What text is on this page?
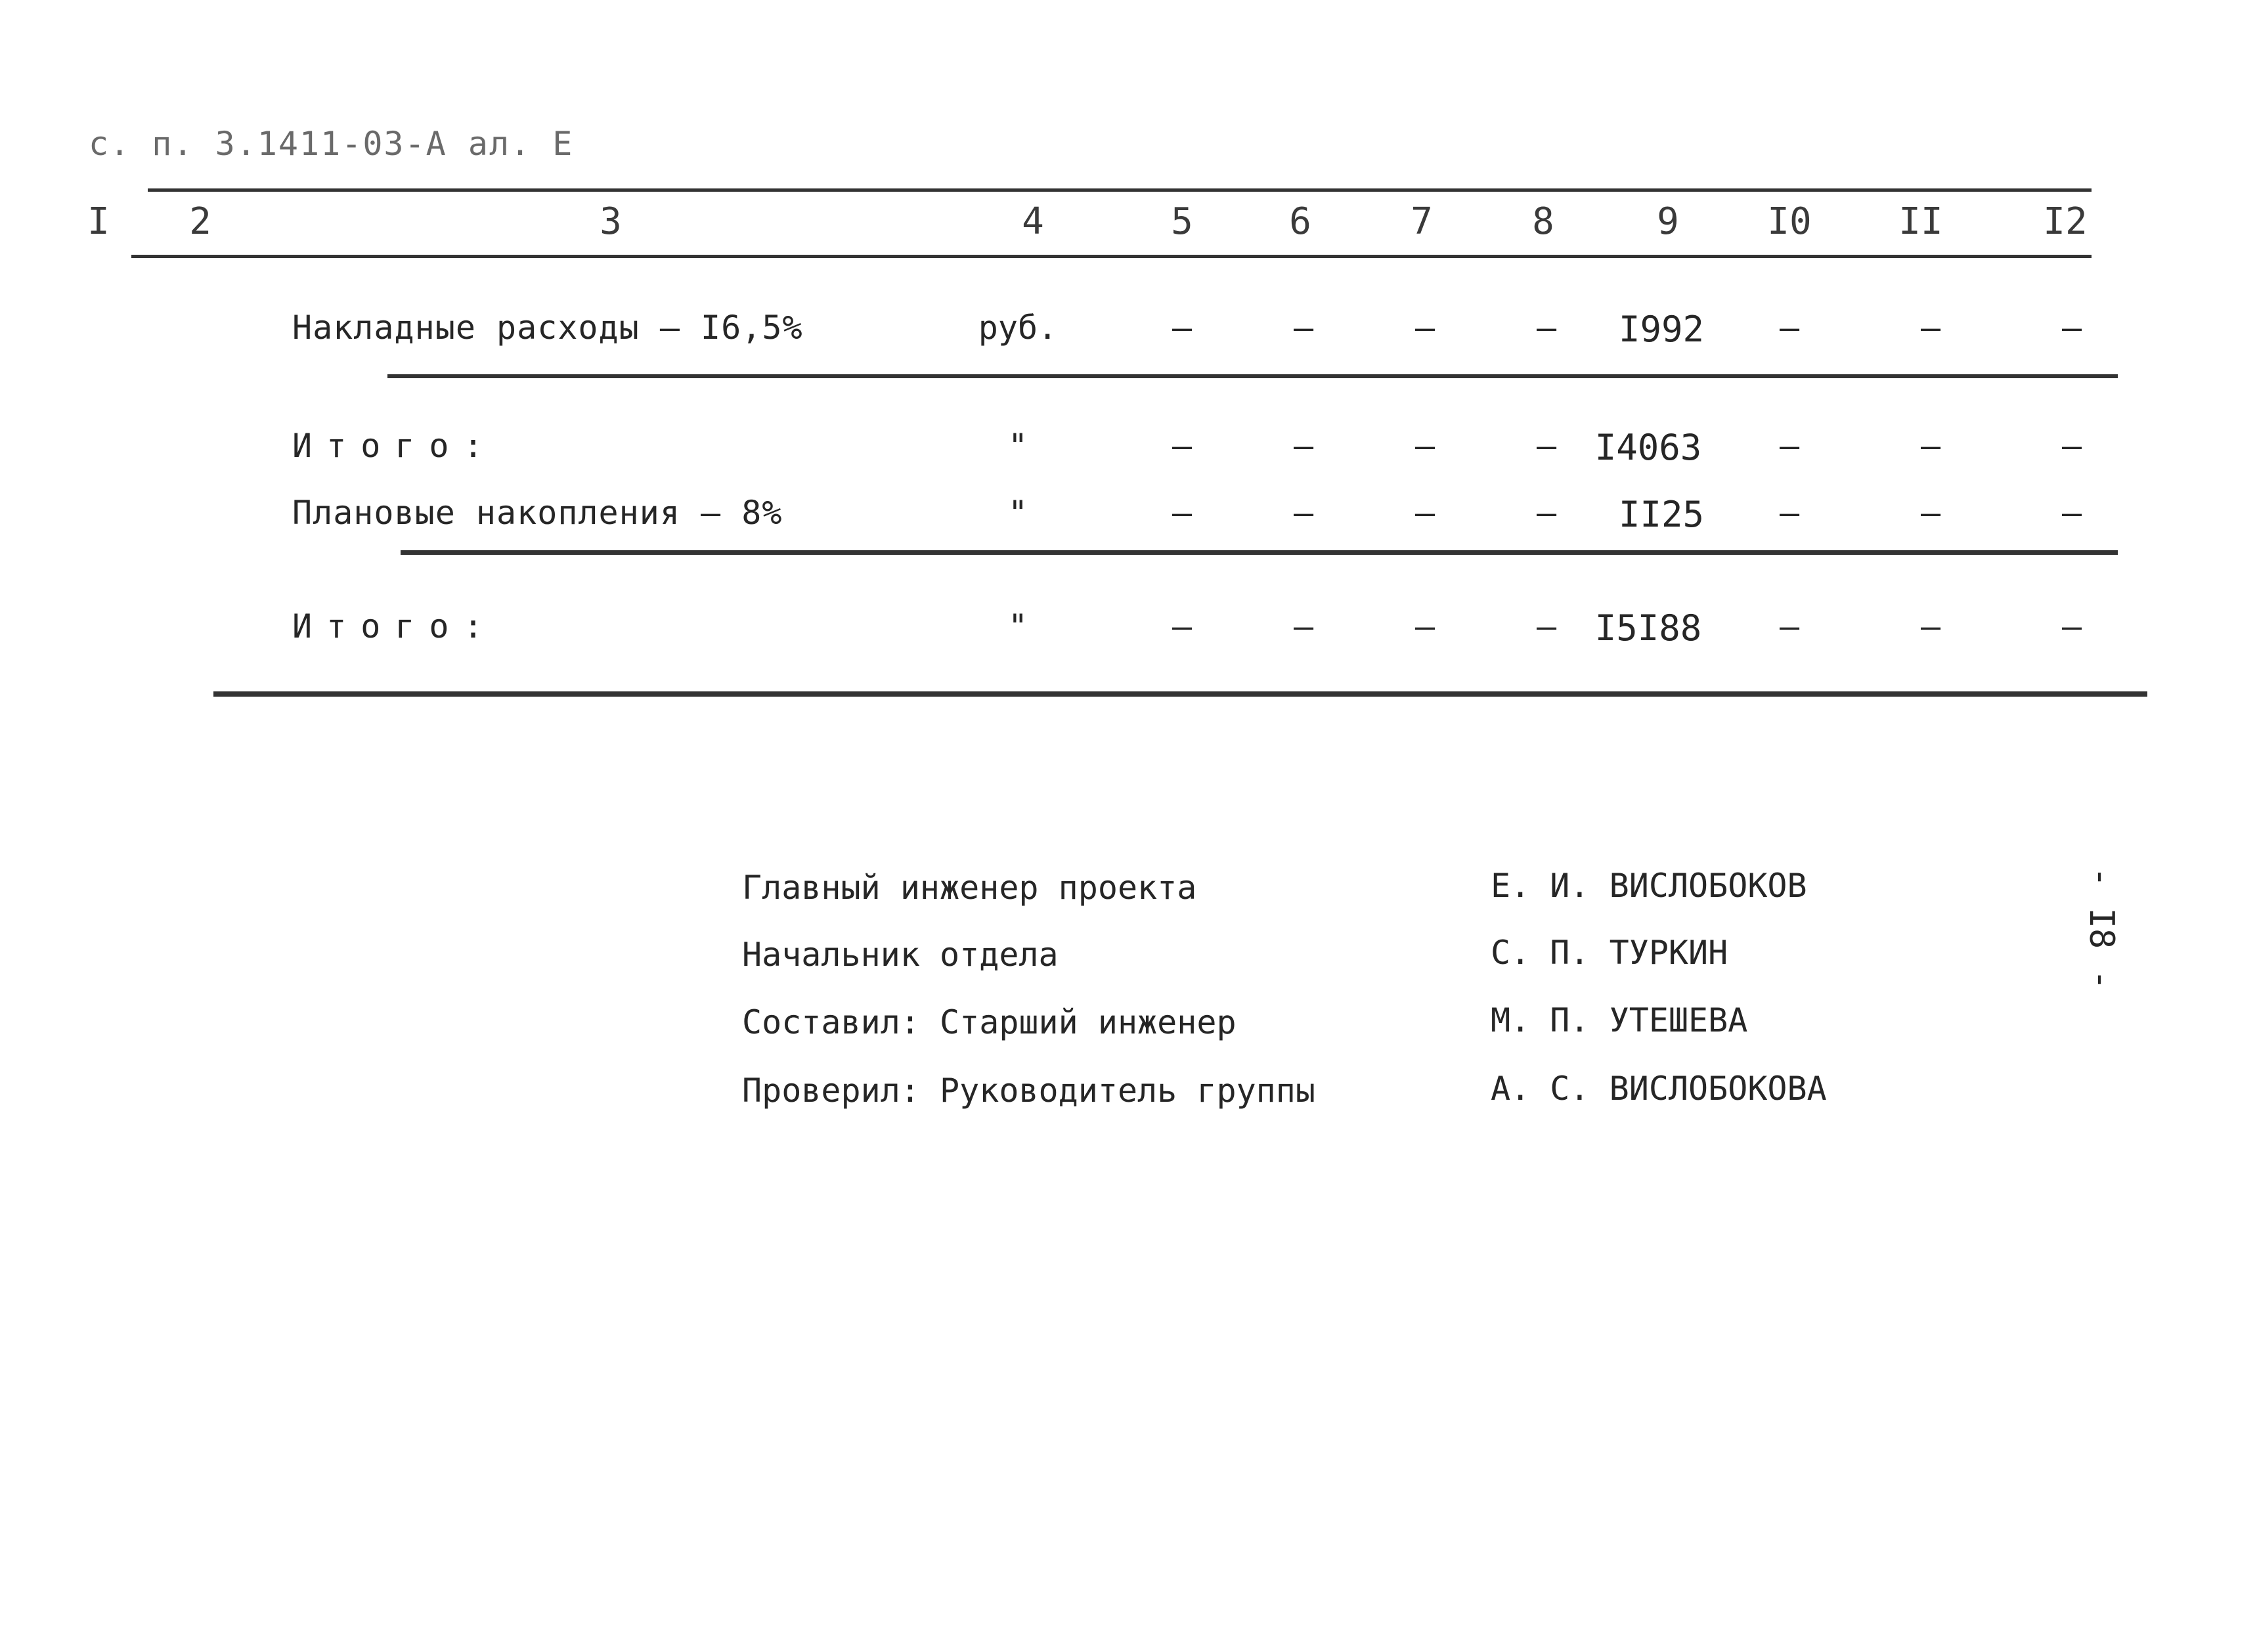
с. п. 3.1411-03-А ал. Е
I	2	3	4	5	6	7	8	9	I0	II	I2
Накладные расходы – I6,5%	руб.	–	–	–	–	I992	–	–	–
Итого:	"	–	–	–	–	I4063	–	–	–
Плановые накопления – 8%	"	–	–	–	–	II25	–	–	–
Итого:	"	–	–	–	–	I5I88	–	–	–
Главный инженер проекта	Е. И. ВИСЛОБОКОВ
Начальник отдела	С. П. ТУРКИН
Составил: Старший инженер	М. П. УТЕШЕВА
Проверил: Руководитель группы	А. С. ВИСЛОБОКОВА
- I8 -
